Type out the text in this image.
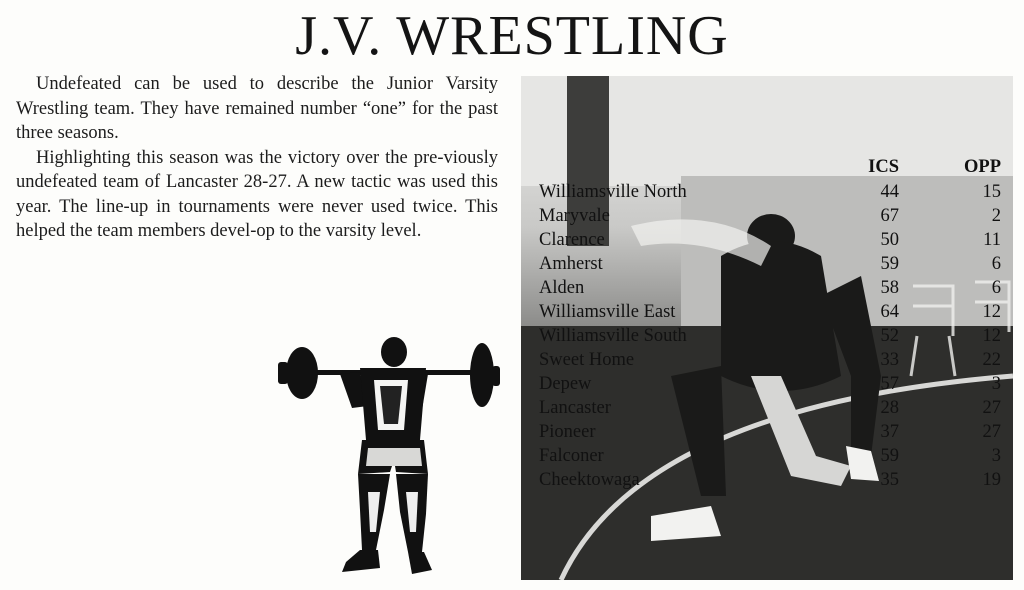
J.V. WRESTLING

Undefeated can be used to describe the Junior Varsity Wrestling team. They have remained number “one” for the past three seasons.

Highlighting this season was the victory over the pre-viously undefeated team of Lancaster 28-27. A new tactic was used this year. The line-up in tournaments were never used twice. This helped the team members devel-op to the varsity level.

ICS	OPP
Williamsville North	44	15
Maryvale	67	2
Clarence	50	11
Amherst	59	6
Alden	58	6
Williamsville East	64	12
Williamsville South	52	12
Sweet Home	33	22
Depew	57	3
Lancaster	28	27
Pioneer	37	27
Falconer	59	3
Cheektowaga	35	19
